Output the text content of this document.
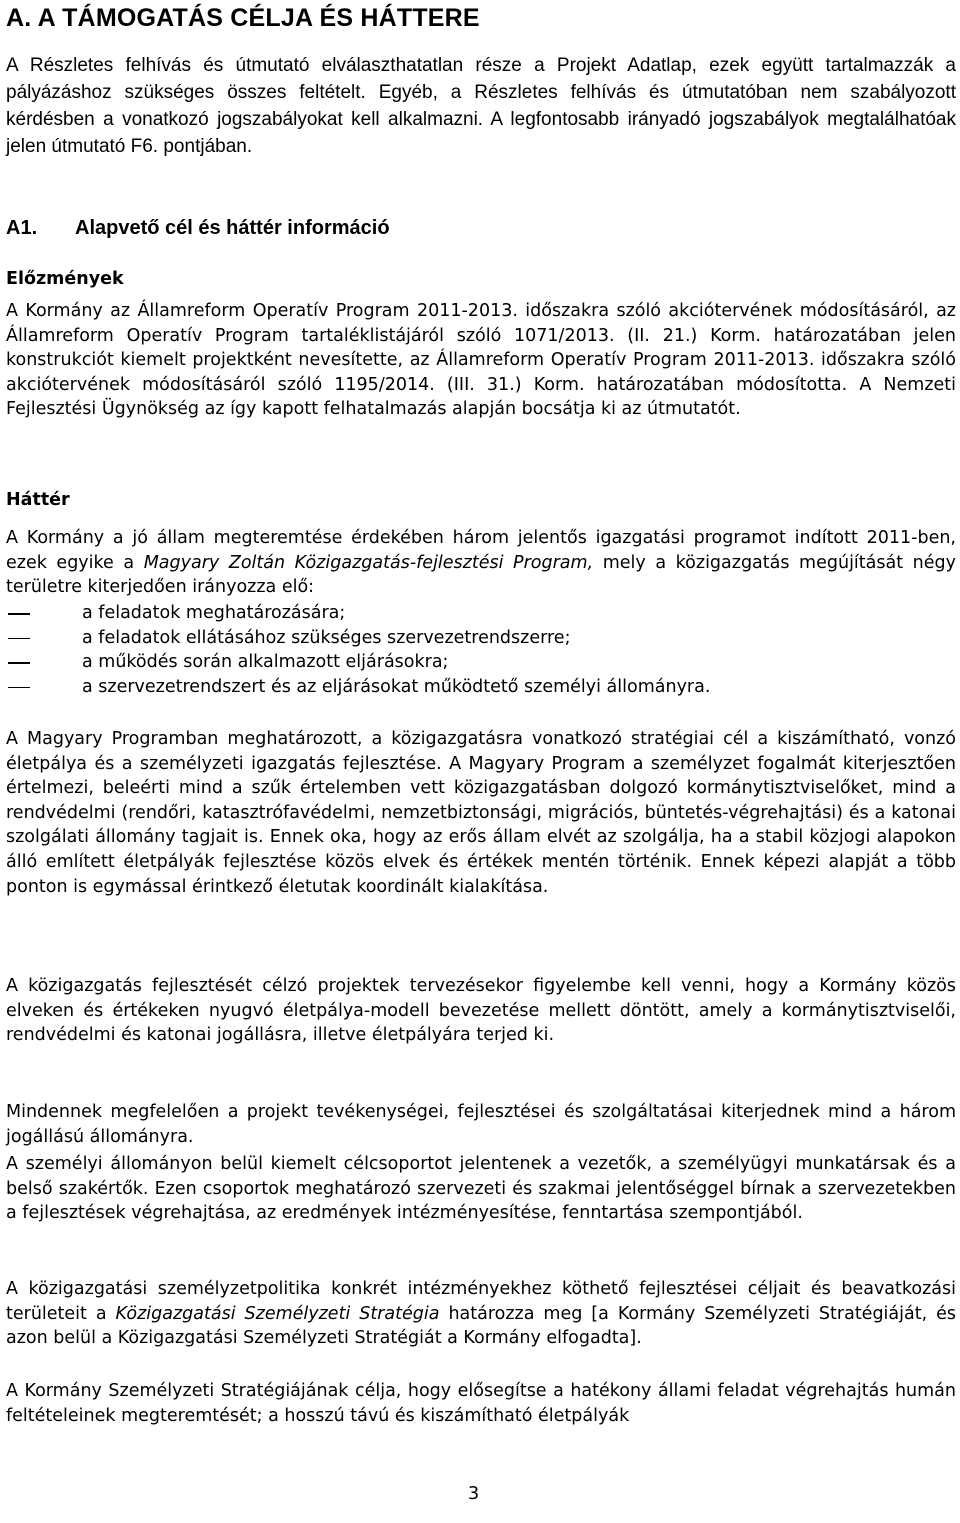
A. A TÁMOGATÁS CÉLJA ÉS HÁTTERE

A Részletes felhívás és útmutató elválaszthatatlan része a Projekt Adatlap, ezek együtt tartalmazzák a pályázáshoz szükséges összes feltételt. Egyéb, a Részletes felhívás és útmutatóban nem szabályozott kérdésben a vonatkozó jogszabályokat kell alkalmazni. A legfontosabb irányadó jogszabályok megtalálhatóak jelen útmutató F6. pontjában.

A1. Alapvető cél és háttér információ
Előzmények

A Kormány az Államreform Operatív Program 2011-2013. időszakra szóló akciótervének módosításáról, az Államreform Operatív Program tartaléklistájáról szóló 1071/2013. (II. 21.) Korm. határozatában jelen konstrukciót kiemelt projektként nevesítette, az Államreform Operatív Program 2011-2013. időszakra szóló akciótervének módosításáról szóló 1195/2014. (III. 31.) Korm. határozatában módosította. A Nemzeti Fejlesztési Ügynökség az így kapott felhatalmazás alapján bocsátja ki az útmutatót.

Háttér

A Kormány a jó állam megteremtése érdekében három jelentős igazgatási programot indított 2011-ben, ezek egyike a Magyary Zoltán Közigazgatás-fejlesztési Program, mely a közigazgatás megújítását négy területre kiterjedően irányozza elő:

a feladatok meghatározására;
a feladatok ellátásához szükséges szervezetrendszerre;
a működés során alkalmazott eljárásokra;
a szervezetrendszert és az eljárásokat működtető személyi állományra.

A Magyary Programban meghatározott, a közigazgatásra vonatkozó stratégiai cél a kiszámítható, vonzó életpálya és a személyzeti igazgatás fejlesztése. A Magyary Program a személyzet fogalmát kiterjesztően értelmezi, beleérti mind a szűk értelemben vett közigazgatásban dolgozó kormánytisztviselőket, mind a rendvédelmi (rendőri, katasztrófavédelmi, nemzetbiztonsági, migrációs, büntetés-végrehajtási) és a katonai szolgálati állomány tagjait is. Ennek oka, hogy az erős állam elvét az szolgálja, ha a stabil közjogi alapokon álló említett életpályák fejlesztése közös elvek és értékek mentén történik. Ennek képezi alapját a több ponton is egymással érintkező életutak koordinált kialakítása.

A közigazgatás fejlesztését célzó projektek tervezésekor figyelembe kell venni, hogy a Kormány közös elveken és értékeken nyugvó életpálya-modell bevezetése mellett döntött, amely a kormánytisztviselői, rendvédelmi és katonai jogállásra, illetve életpályára terjed ki.

Mindennek megfelelően a projekt tevékenységei, fejlesztései és szolgáltatásai kiterjednek mind a három jogállású állományra.

A személyi állományon belül kiemelt célcsoportot jelentenek a vezetők, a személyügyi munkatársak és a belső szakértők. Ezen csoportok meghatározó szervezeti és szakmai jelentőséggel bírnak a szervezetekben a fejlesztések végrehajtása, az eredmények intézményesítése, fenntartása szempontjából.

A közigazgatási személyzetpolitika konkrét intézményekhez köthető fejlesztései céljait és beavatkozási területeit a Közigazgatási Személyzeti Stratégia határozza meg [a Kormány Személyzeti Stratégiáját, és azon belül a Közigazgatási Személyzeti Stratégiát a Kormány elfogadta].

A Kormány Személyzeti Stratégiájának célja, hogy elősegítse a hatékony állami feladat végrehajtás humán feltételeinek megteremtését; a hosszú távú és kiszámítható életpályák

3
